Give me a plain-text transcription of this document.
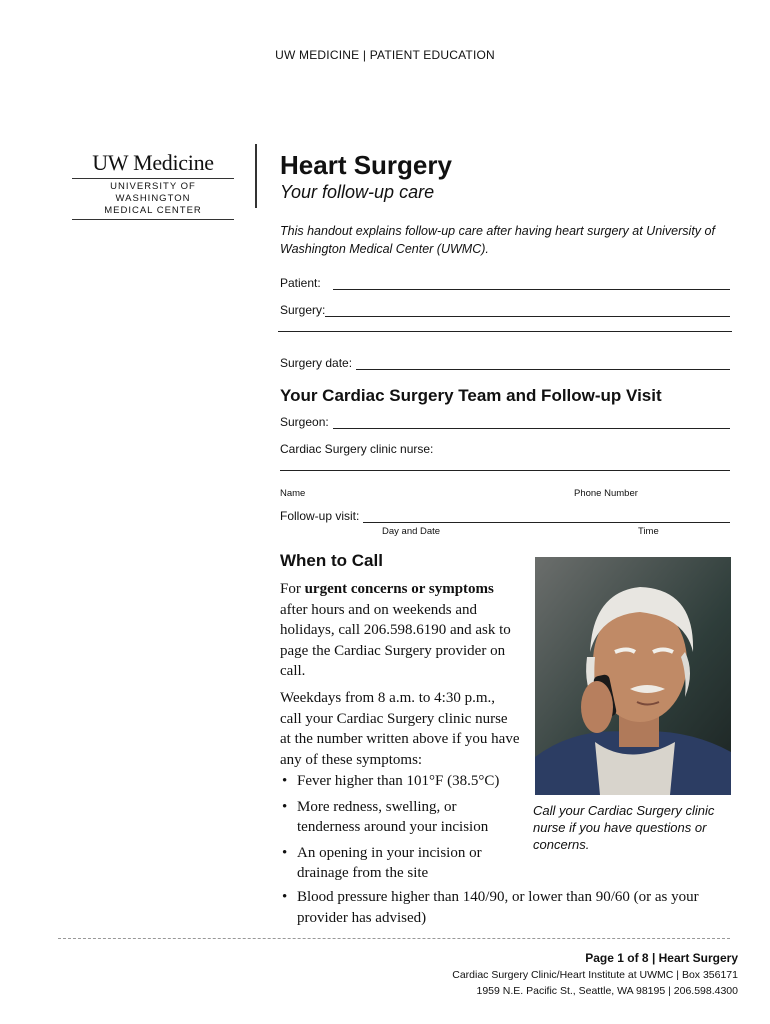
UW MEDICINE | PATIENT EDUCATION
UW Medicine
UNIVERSITY OF WASHINGTON
MEDICAL CENTER
Heart Surgery
Your follow-up care
This handout explains follow-up care after having heart surgery at University of Washington Medical Center (UWMC).
Patient:
Surgery:
Surgery date:
Your Cardiac Surgery Team and Follow-up Visit
Surgeon:
Cardiac Surgery clinic nurse:
Name	Phone Number
Follow-up visit:
Day and Date	Time
When to Call
For urgent concerns or symptoms after hours and on weekends and holidays, call 206.598.6190 and ask to page the Cardiac Surgery provider on call.
Weekdays from 8 a.m. to 4:30 p.m., call your Cardiac Surgery clinic nurse at the number written above if you have any of these symptoms:
• Fever higher than 101°F (38.5°C)
• More redness, swelling, or tenderness around your incision
• An opening in your incision or drainage from the site
• Blood pressure higher than 140/90, or lower than 90/60 (or as your provider has advised)
Call your Cardiac Surgery clinic nurse if you have questions or concerns.
Page 1 of 8 | Heart Surgery
Cardiac Surgery Clinic/Heart Institute at UWMC | Box 356171
1959 N.E. Pacific St., Seattle, WA 98195 | 206.598.4300
